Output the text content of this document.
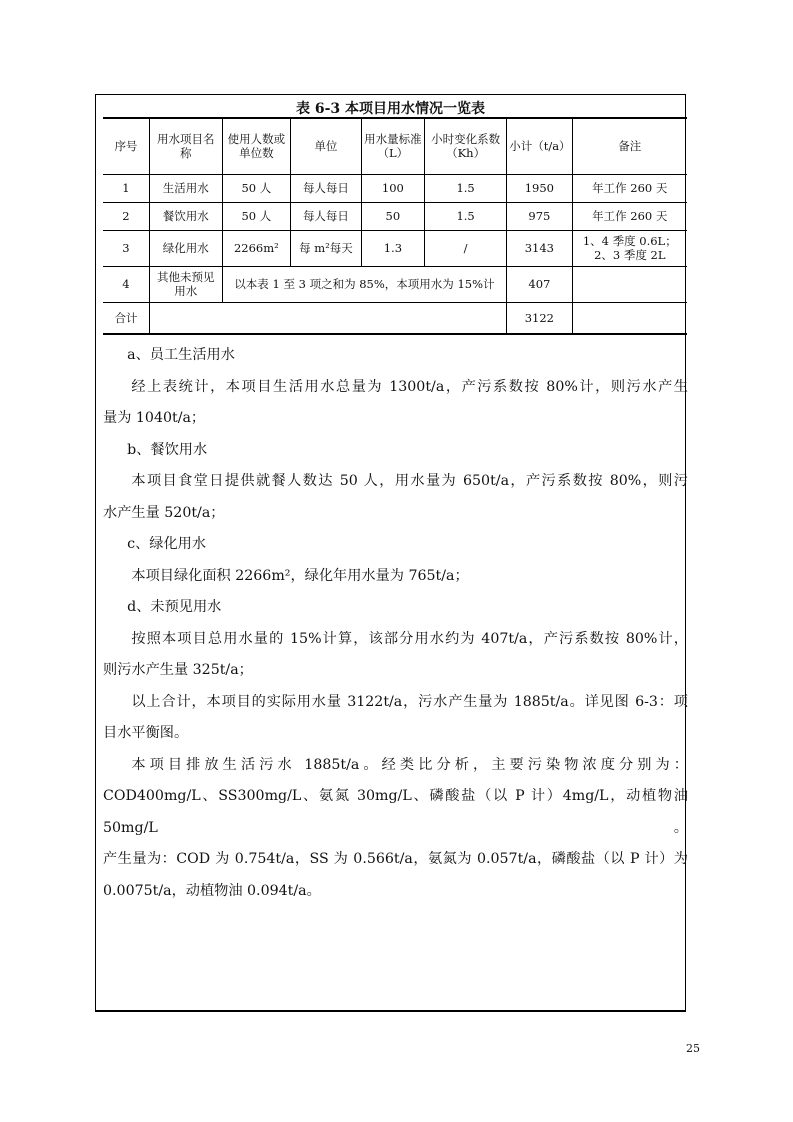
表 6-3 本项目用水情况一览表
序号	用水项目名称	使用人数或单位数	单位	用水量标准（L）	小时变化系数（Kh）	小计（t/a）	备注
1	生活用水	50 人	每人每日	100	1.5	1950	年工作 260 天
2	餐饮用水	50 人	每人每日	50	1.5	975	年工作 260 天
3	绿化用水	2266m²	每 m²每天	1.3	/	3143	1、4 季度 0.6L；2、3 季度 2L
4	其他未预见用水	以本表 1 至 3 项之和为 85%，本项用水为 15%计				407	
合计						3122	

a、员工生活用水

经上表统计，本项目生活用水总量为 1300t/a，产污系数按 80%计，则污水产生

量为 1040t/a；

b、餐饮用水

本项目食堂日提供就餐人数达 50 人，用水量为 650t/a，产污系数按 80%，则污

水产生量 520t/a；

c、绿化用水

本项目绿化面积 2266m²，绿化年用水量为 765t/a；

d、未预见用水

按照本项目总用水量的 15%计算，该部分用水约为 407t/a，产污系数按 80%计，

则污水产生量 325t/a；

以上合计，本项目的实际用水量 3122t/a，污水产生量为 1885t/a。详见图 6-3：项

目水平衡图。

本项目排放生活污水 1885t/a。经类比分析，主要污染物浓度分别为：

COD400mg/L、SS300mg/L、氨氮 30mg/L、磷酸盐（以 P 计）4mg/L，动植物油 50mg/L。

产生量为：COD 为 0.754t/a，SS 为 0.566t/a，氨氮为 0.057t/a，磷酸盐（以 P 计）为

0.0075t/a，动植物油 0.094t/a。

25
